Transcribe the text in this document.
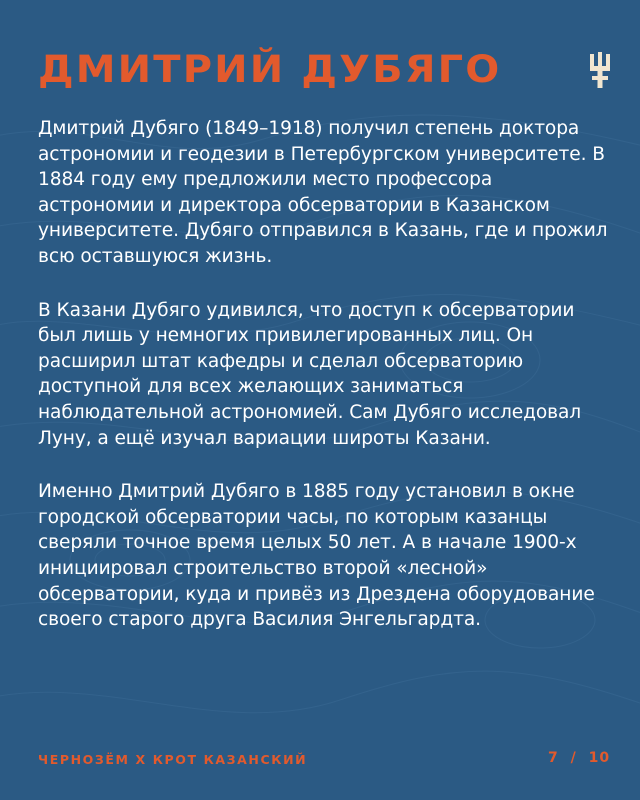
ДМИТРИЙ ДУБЯГО

Дмитрий Дубяго (1849–1918) получил степень доктора астрономии и геодезии в Петербургском университете. В 1884 году ему предложили место профессора астрономии и директора обсерватории в Казанском университете. Дубяго отправился в Казань, где и прожил всю оставшуюся жизнь.

В Казани Дубяго удивился, что доступ к обсерватории был лишь у немногих привилегированных лиц. Он расширил штат кафедры и сделал обсерваторию доступной для всех желающих заниматься наблюдательной астрономией. Сам Дубяго исследовал Луну, а ещё изучал вариации широты Казани.

Именно Дмитрий Дубяго в 1885 году установил в окне городской обсерватории часы, по которым казанцы сверяли точное время целых 50 лет. А в начале 1900-х инициировал строительство второй «лесной» обсерватории, куда и привёз из Дрездена оборудование своего старого друга Василия Энгельгардта.

ЧЕРНОЗЁМ Х КРОТ КАЗАНСКИЙ	7 / 10
